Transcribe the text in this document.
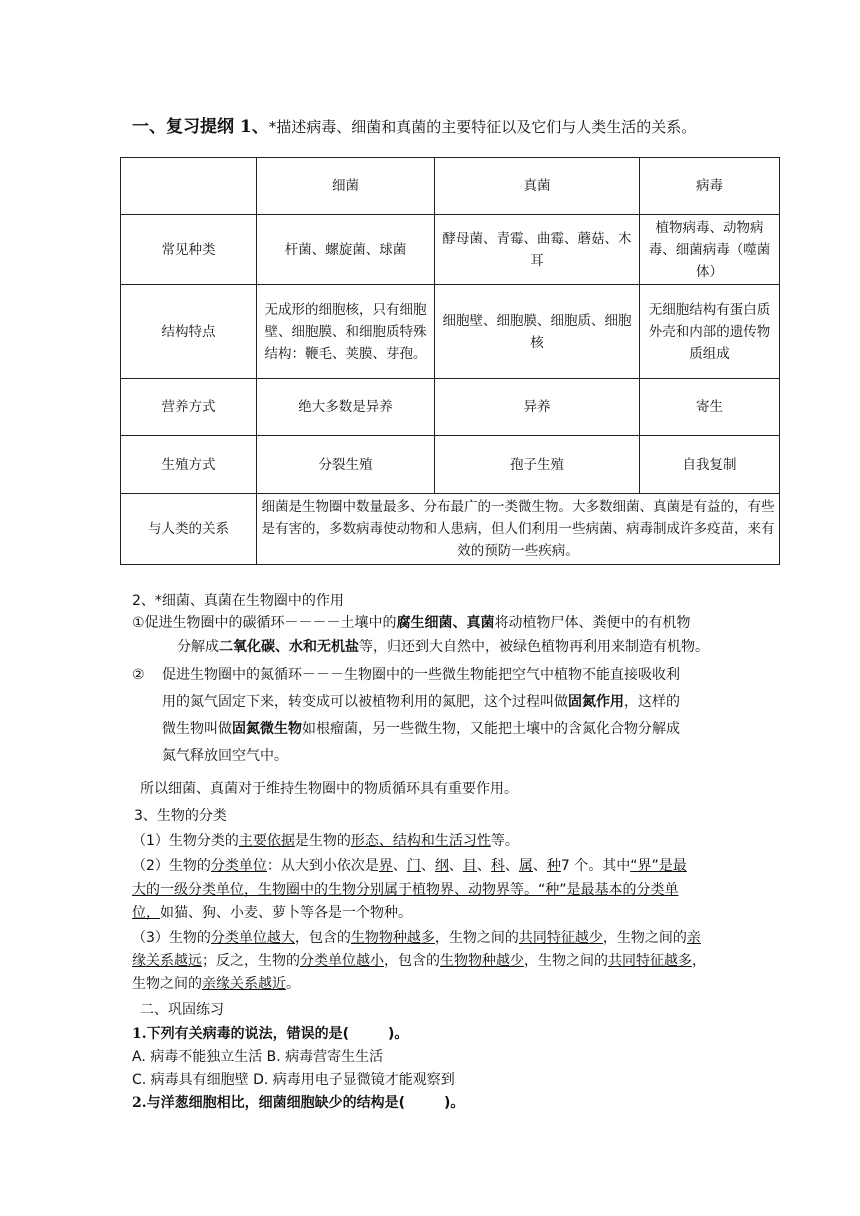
一、复习提纲 1、*描述病毒、细菌和真菌的主要特征以及它们与人类生活的关系。
	细菌	真菌	病毒
常见种类	杆菌、螺旋菌、球菌	酵母菌、青霉、曲霉、蘑菇、木耳	植物病毒、动物病毒、细菌病毒（噬菌体）
结构特点	无成形的细胞核，只有细胞壁、细胞膜、和细胞质特殊结构：鞭毛、荚膜、芽孢。	细胞壁、细胞膜、细胞质、细胞核	无细胞结构有蛋白质外壳和内部的遗传物质组成
营养方式	绝大多数是异养	异养	寄生
生殖方式	分裂生殖	孢子生殖	自我复制
与人类的关系	细菌是生物圈中数量最多、分布最广的一类微生物。大多数细菌、真菌是有益的，有些是有害的，多数病毒使动物和人患病，但人们利用一些病菌、病毒制成许多疫苗，来有效的预防一些疾病。		
2、*细菌、真菌在生物圈中的作用
①促进生物圈中的碳循环－－－－土壤中的腐生细菌、真菌将动植物尸体、粪便中的有机物
分解成二氧化碳、水和无机盐等，归还到大自然中，被绿色植物再利用来制造有机物。
② 促进生物圈中的氮循环－－－生物圈中的一些微生物能把空气中植物不能直接吸收利
用的氮气固定下来，转变成可以被植物利用的氮肥，这个过程叫做固氮作用，这样的
微生物叫做固氮微生物如根瘤菌，另一些微生物，又能把土壤中的含氮化合物分解成
氮气释放回空气中。
所以细菌、真菌对于维持生物圈中的物质循环具有重要作用。
3、生物的分类
（1）生物分类的主要依据是生物的形态、结构和生活习性等。
（2）生物的分类单位：从大到小依次是界、门、纲、目、科、属、种7 个。其中“界”是最
大的一级分类单位，生物圈中的生物分别属于植物界、动物界等。“种”是最基本的分类单
位，如猫、狗、小麦、萝卜等各是一个物种。
（3）生物的分类单位越大，包含的生物物种越多，生物之间的共同特征越少，生物之间的亲
缘关系越远；反之，生物的分类单位越小，包含的生物物种越少，生物之间的共同特征越多，
生物之间的亲缘关系越近。
二、巩固练习
1.下列有关病毒的说法，错误的是(	)。
A. 病毒不能独立生活 B. 病毒营寄生生活
C. 病毒具有细胞壁 D. 病毒用电子显微镜才能观察到
2.与洋葱细胞相比，细菌细胞缺少的结构是(	)。
